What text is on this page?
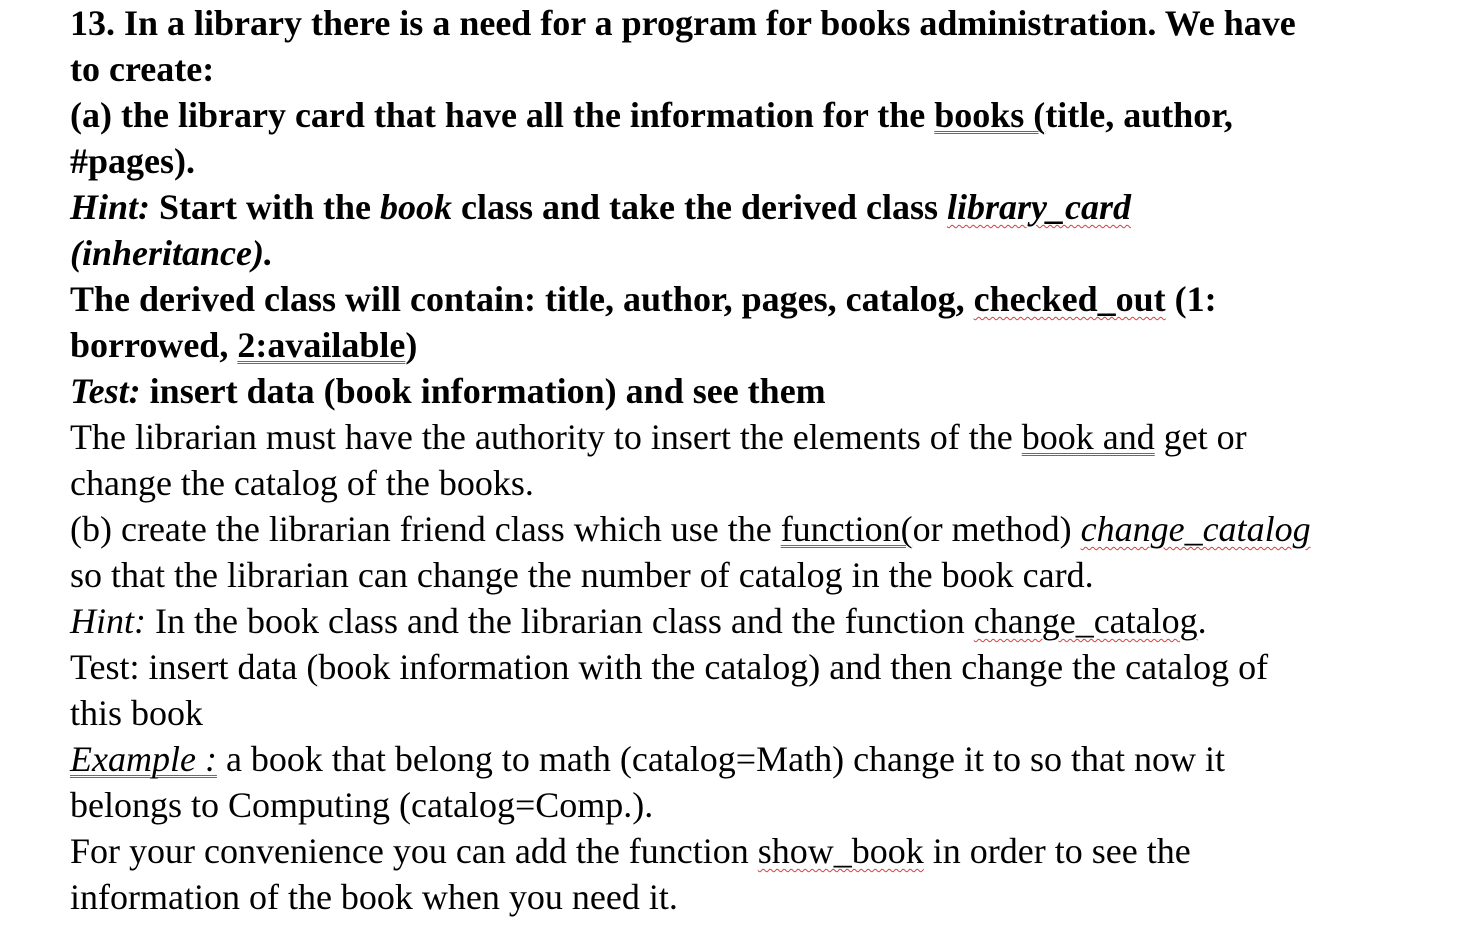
13. In a library there is a need for a program for books administration. We have
to create:
(a) the library card that have all the information for the books (title, author,
#pages).
Hint: Start with the book class and take the derived class library_card
(inheritance).
The derived class will contain: title, author, pages, catalog, checked_out (1:
borrowed, 2:available)
Test: insert data (book information) and see them
The librarian must have the authority to insert the elements of the book and get or
change the catalog of the books.
(b) create the librarian friend class which use the function(or method) change_catalog
so that the librarian can change the number of catalog in the book card.
Hint: In the book class and the librarian class and the function change_catalog.
Test: insert data (book information with the catalog) and then change the catalog of
this book
Example : a book that belong to math (catalog=Math) change it to so that now it
belongs to Computing (catalog=Comp.).
For your convenience you can add the function show_book in order to see the
information of the book when you need it.
